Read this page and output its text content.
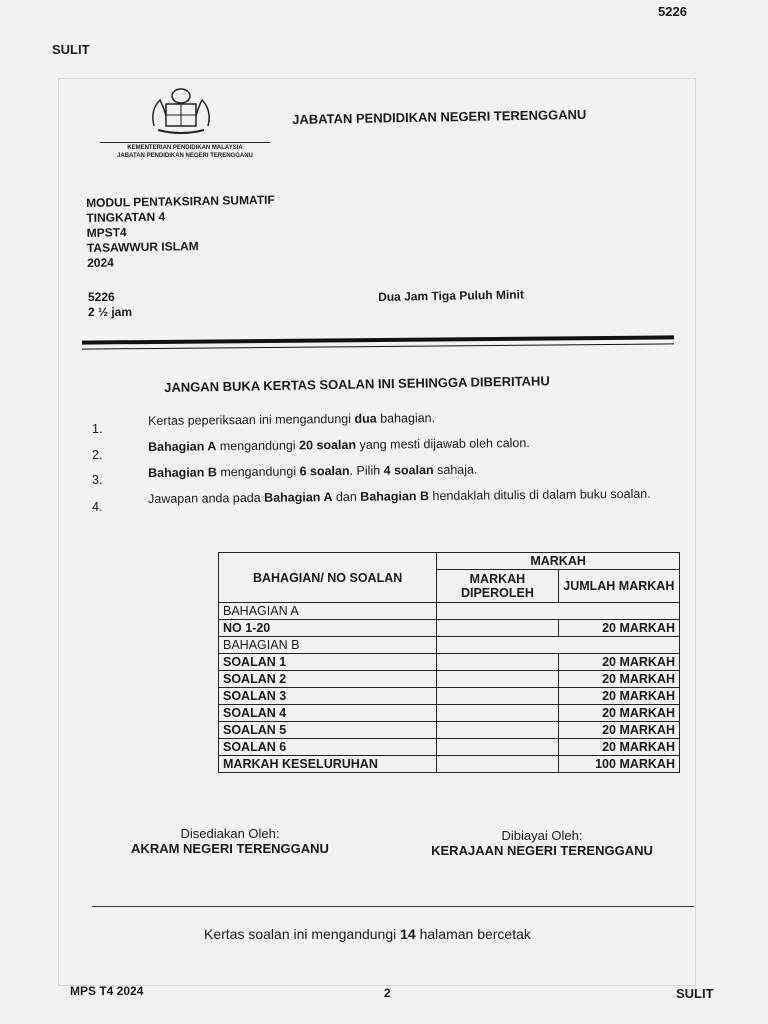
5226
SULIT
KEMENTERIAN PENDIDIKAN MALAYSIA
JABATAN PENDIDIKAN NEGERI TERENGGANU
JABATAN PENDIDIKAN NEGERI TERENGGANU
MODUL PENTAKSIRAN SUMATIF
TINGKATAN 4
MPST4
TASAWWUR ISLAM
2024
5226
2 ½ jam
Dua Jam Tiga Puluh Minit
JANGAN BUKA KERTAS SOALAN INI SEHINGGA DIBERITAHU
1.
Kertas peperiksaan ini mengandungi dua bahagian.
2.
Bahagian A mengandungi 20 soalan yang mesti dijawab oleh calon.
3.
Bahagian B mengandungi 6 soalan. Pilih 4 soalan sahaja.
4.
Jawapan anda pada Bahagian A dan Bahagian B hendaklah ditulis di dalam buku soalan.
BAHAGIAN/ NO SOALAN	MARKAH	
	MARKAH DIPEROLEH	JUMLAH MARKAH
BAHAGIAN A		
NO 1-20		20 MARKAH
BAHAGIAN B		
SOALAN 1		20 MARKAH
SOALAN 2		20 MARKAH
SOALAN 3		20 MARKAH
SOALAN 4		20 MARKAH
SOALAN 5		20 MARKAH
SOALAN 6		20 MARKAH
MARKAH KESELURUHAN		100 MARKAH
Disediakan Oleh:
AKRAM NEGERI TERENGGANU
Dibiayai Oleh:
KERAJAAN NEGERI TERENGGANU
Kertas soalan ini mengandungi 14 halaman bercetak
MPS T4 2024	2	SULIT
